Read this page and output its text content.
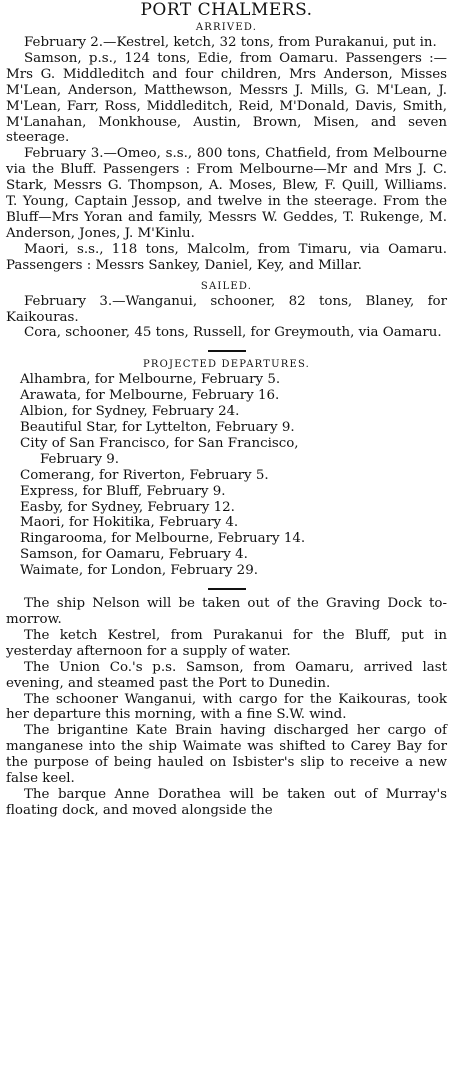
PORT CHALMERS.
ARRIVED.

February 2.—Kestrel, ketch, 32 tons, from Purakanui, put in.

Samson, p.s., 124 tons, Edie, from Oamaru. Passengers :—Mrs G. Middleditch and four children, Mrs Anderson, Misses M'Lean, Anderson, Matthewson, Messrs J. Mills, G. M'Lean, J. M'Lean, Farr, Ross, Middleditch, Reid, M'Donald, Davis, Smith, M'Lanahan, Monkhouse, Austin, Brown, Misen, and seven steerage.

February 3.—Omeo, s.s., 800 tons, Chatfield, from Melbourne via the Bluff. Passengers : From Melbourne—Mr and Mrs J. C. Stark, Messrs G. Thompson, A. Moses, Blew, F. Quill, Williams. T. Young, Captain Jessop, and twelve in the steerage. From the Bluff—Mrs Yoran and family, Messrs W. Geddes, T. Rukenge, M. Anderson, Jones, J. M'Kinlu.

Maori, s.s., 118 tons, Malcolm, from Timaru, via Oamaru. Passengers : Messrs Sankey, Daniel, Key, and Millar.

SAILED.

February 3.—Wanganui, schooner, 82 tons, Blaney, for Kaikouras.

Cora, schooner, 45 tons, Russell, for Greymouth, via Oamaru.

PROJECTED DEPARTURES.
Alhambra, for Melbourne, February 5.
Arawata, for Melbourne, February 16.
Albion, for Sydney, February 24.
Beautiful Star, for Lyttelton, February 9.
City of San Francisco, for San Francisco,
February 9.
Comerang, for Riverton, February 5.
Express, for Bluff, February 9.
Easby, for Sydney, February 12.
Maori, for Hokitika, February 4.
Ringarooma, for Melbourne, February 14.
Samson, for Oamaru, February 4.
Waimate, for London, February 29.

The ship Nelson will be taken out of the Graving Dock to-morrow.

The ketch Kestrel, from Purakanui for the Bluff, put in yesterday afternoon for a supply of water.

The Union Co.'s p.s. Samson, from Oamaru, arrived last evening, and steamed past the Port to Dunedin.

The schooner Wanganui, with cargo for the Kaikouras, took her departure this morning, with a fine S.W. wind.

The brigantine Kate Brain having discharged her cargo of manganese into the ship Waimate was shifted to Carey Bay for the purpose of being hauled on Isbister's slip to receive a new false keel.

The barque Anne Dorathea will be taken out of Murray's floating dock, and moved alongside the
